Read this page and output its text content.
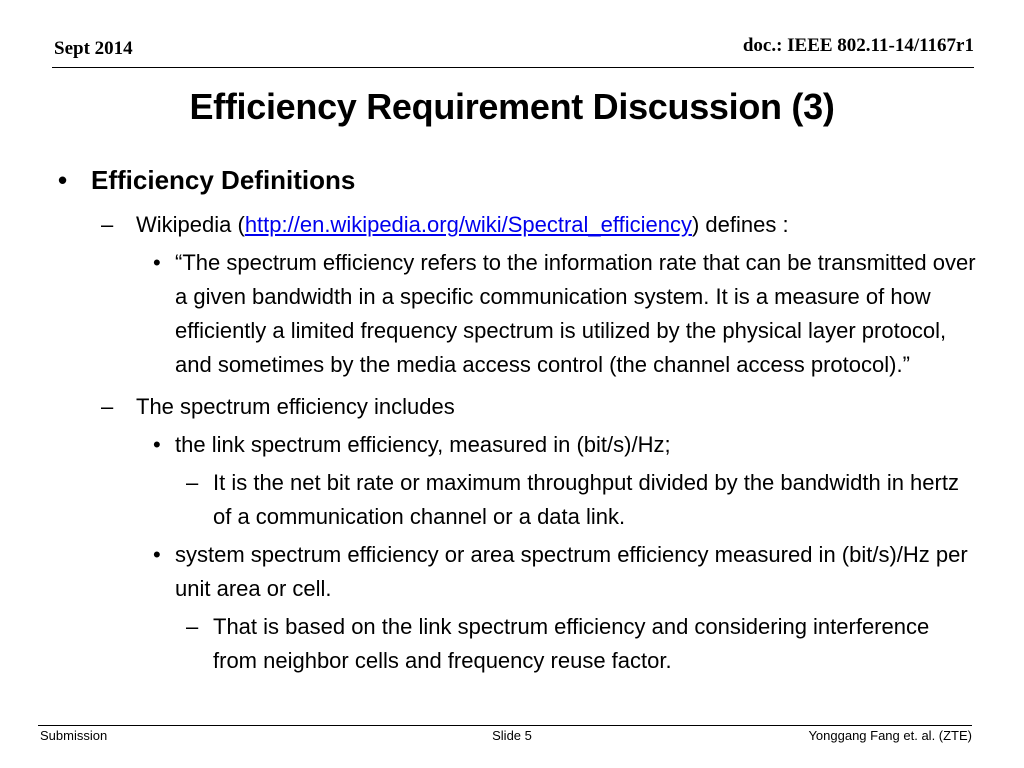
Sept 2014	doc.: IEEE 802.11-14/1167r1
Efficiency Requirement Discussion (3)
• Efficiency Definitions
–	Wikipedia (http://en.wikipedia.org/wiki/Spectral_efficiency) defines :
• “The spectrum efficiency refers to the information rate that can be transmitted over a given bandwidth in a specific communication system. It is a measure of how efficiently a limited frequency spectrum is utilized by the physical layer protocol, and sometimes by the media access control (the channel access protocol).”
–	The spectrum efficiency includes
• the link spectrum efficiency, measured in (bit/s)/Hz;
– It is the net bit rate or maximum throughput divided by the bandwidth in hertz of a communication channel or a data link.
• system spectrum efficiency or area spectrum efficiency measured in (bit/s)/Hz per unit area or cell.
– That is based on the link spectrum efficiency and considering interference from neighbor cells and frequency reuse factor.
Submission	Slide 5	Yonggang Fang et. al. (ZTE)
